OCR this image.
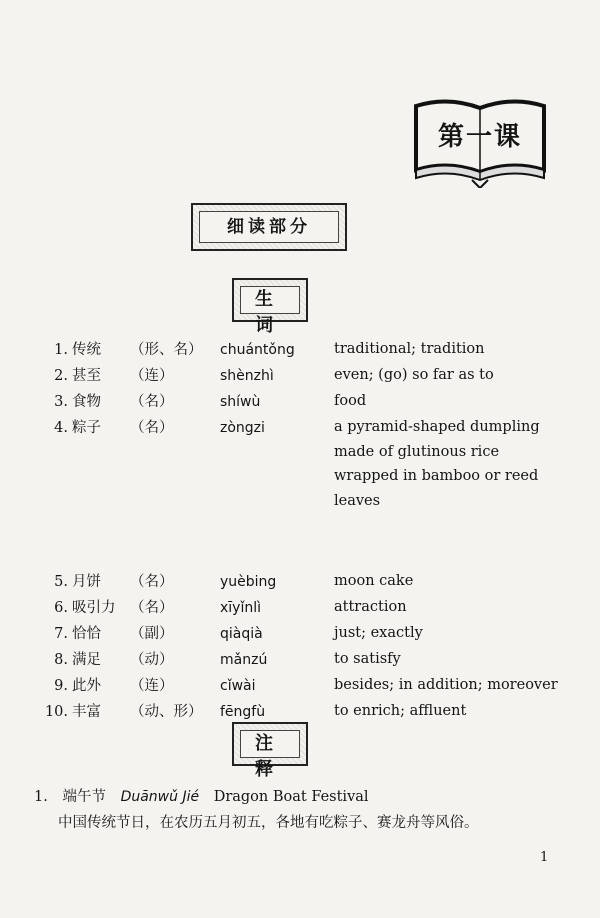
第一课
细读部分
生 词
1. 传统 （形、名） chuántǒng	traditional; tradition
2. 甚至 （连）	shènzhì	even; (go) so far as to
3. 食物 （名）	shíwù	food
4. 粽子 （名）	zòngzi	a pyramid-shaped dumpling made of glutinous rice wrapped in bamboo or reed leaves
5. 月饼 （名）	yuèbing	moon cake
6. 吸引力 （名）	xīyǐnlì	attraction
7. 恰恰 （副）	qiàqià	just; exactly
8. 满足 （动）	mǎnzú	to satisfy
9. 此外 （连）	cǐwài	besides; in addition; moreover
10. 丰富 （动、形） fēngfù	to enrich; affluent
注 释
1. 端午节 Duānwǔ Jié Dragon Boat Festival
中国传统节日，在农历五月初五，各地有吃粽子、赛龙舟等风俗。
1
